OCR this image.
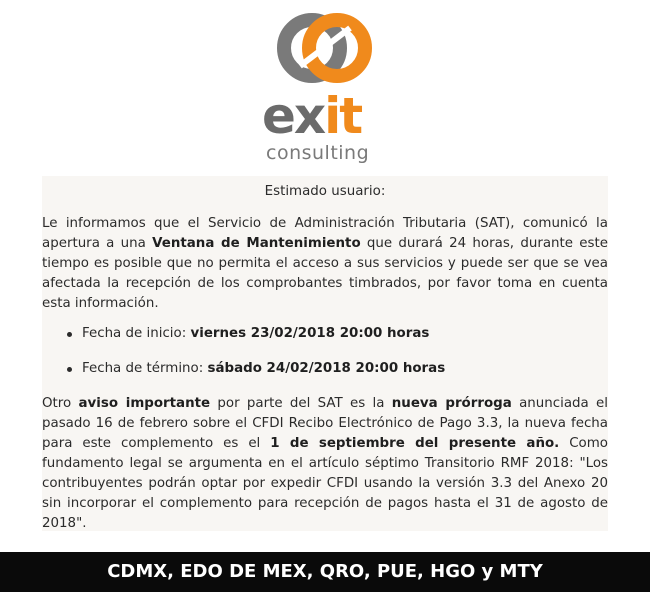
exit
consulting
Estimado usuario:

Le informamos que el Servicio de Administración Tributaria (SAT), comunicó la apertura a una Ventana de Mantenimiento que durará 24 horas, durante este tiempo es posible que no permita el acceso a sus servicios y puede ser que se vea afectada la recepción de los comprobantes timbrados, por favor toma en cuenta esta información.

Fecha de inicio: viernes 23/02/2018 20:00 horas
Fecha de término: sábado 24/02/2018 20:00 horas

Otro aviso importante por parte del SAT es la nueva prórroga anunciada el pasado 16 de febrero sobre el CFDI Recibo Electrónico de Pago 3.3, la nueva fecha para este complemento es el 1 de septiembre del presente año. Como fundamento legal se argumenta en el artículo séptimo Transitorio RMF 2018: "Los contribuyentes podrán optar por expedir CFDI usando la versión 3.3 del Anexo 20 sin incorporar el complemento para recepción de pagos hasta el 31 de agosto de 2018".

CDMX, EDO DE MEX, QRO, PUE, HGO y MTY
